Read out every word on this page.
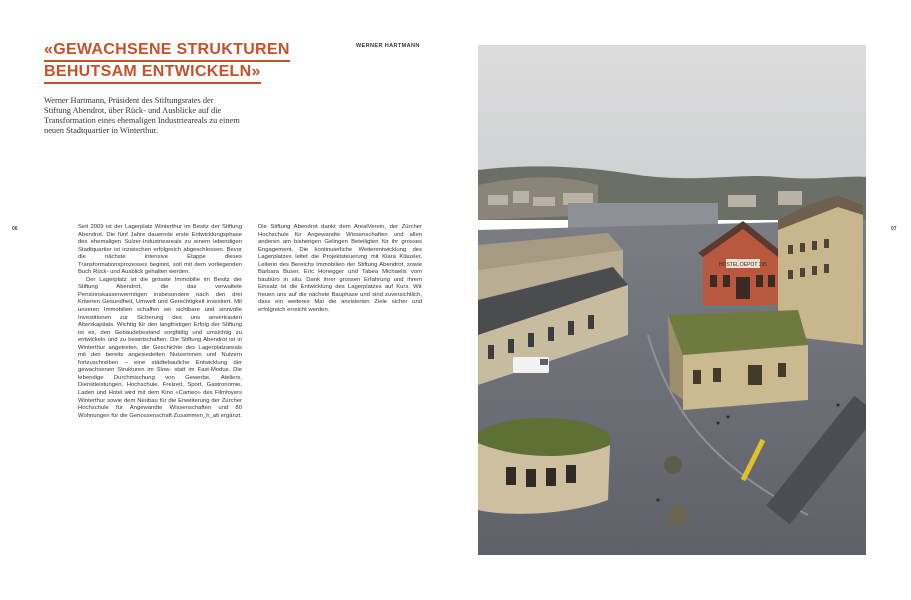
«GEWACHSENE STRUKTUREN
BEHUTSAM ENTWICKELN»
WERNER HARTMANN

Werner Hartmann, Präsident des Stiftungsrates der Stiftung Abendrot, über Rück- und Ausblicke auf die Transformation eines ehemaligen Industrieareals zu einem neuen Stadtquartier in Winterthur.

06	07

Seit 2009 ist der Lagerplatz Winterthur im Besitz der Stiftung Abendrot. Die fünf Jahre dauernde erste Entwicklungsphase des ehemaligen Sulzer-Industrieareals zu einem lebendigen Stadtquartier ist inzwischen erfolgreich abgeschlossen. Bevor die nächste intensive Etappe dieses Transformationsprozesses beginnt, soll mit dem vorliegenden Buch Rück- und Ausblick gehalten werden.

Der Lagerplatz ist die grösste Immobilie im Besitz der Stiftung Abendrot, die das verwaltete Pensionskassenvermögen insbesondere nach den drei Kriterien Gesundheit, Umwelt und Gerechtigkeit investiert. Mit unseren Immobilien schaffen wir sichtbare und sinnvolle Investitionen zur Sicherung des uns anvertrauten Alterskapitals. Wichtig für den langfristigen Erfolg der Stiftung ist es, den Gebäudebestand sorgfältig und umsichtig zu entwickeln und zu bewirtschaften. Die Stiftung Abendrot ist in Winterthur angetreten, die Geschichte des Lagerplatzareals mit den bereits angesiedelten Nutzerinnen und Nutzern fortzuschreiben – eine städtebauliche Entwicklung der gewachsenen Strukturen im Slow- statt im Fast-Modus. Die lebendige Durchmischung von Gewerbe, Ateliers, Dienstleistungen, Hochschule, Freizeit, Sport, Gastronomie, Laden und Hotel wird mit dem Kino «Cameo» des Filmfoyers Winterthur sowie dem Neubau für die Erweiterung der Zürcher Hochschule für Angewandte Wissenschaften und 80 Wohnungen für die Genossenschaft Zusammen_h_alt ergänzt.

Die Stiftung Abendrot dankt dem ArealVerein, der Zürcher Hochschule für Angewandte Wissenschaften und allen anderen am bisherigen Gelingen Beteiligten für ihr grosses Engagement. Die kontinuierliche Weiterentwicklung des Lagerplatzes leitet die Projektsteuerung mit Klara Kläusler, Leiterin des Bereichs Immobilien der Stiftung Abendrot, sowie Barbara Buser, Eric Honegger und Tabea Michaelis vom baubüro in situ. Dank ihrer grossen Erfahrung und ihrem Einsatz ist die Entwicklung des Lagerplatzes auf Kurs. Wir freuen uns auf die nächste Bauphase und sind zuversichtlich, dass ein weiteres Mal die anvisierten Ziele sicher und erfolgreich erreicht werden.

HOSTEL DEPOT 195
